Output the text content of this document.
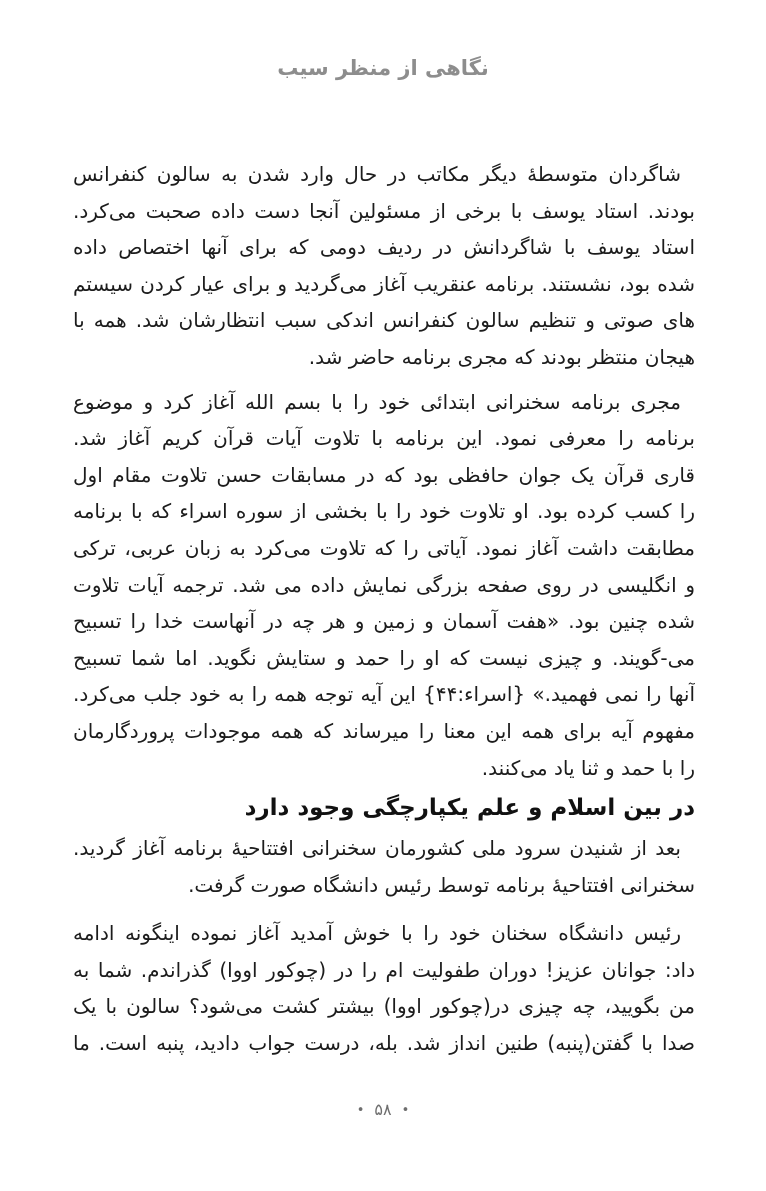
نگاهی از منظر سیب
شاگردان متوسطهٔ دیگر مکاتب در حال وارد شدن به سالون کنفرانس
بودند. استاد یوسف با برخی از مسئولین آنجا دست داده صحبت می‌کرد.
استاد یوسف با شاگردانش در ردیف دومی که برای آنها اختصاص داده
شده بود، نشستند. برنامه عنقریب آغاز می‌گردید و برای عیار کردن سیستم
های صوتی و تنظیم سالون کنفرانس اندکی سبب انتظارشان شد. همه با
هیجان منتظر بودند که مجری برنامه حاضر شد.
مجری برنامه سخنرانی ابتدائی خود را با بسم الله آغاز کرد و موضوع
برنامه را معرفی نمود. این برنامه با تلاوت آیات قرآن کریم آغاز شد.
قاری قرآن یک جوان حافظی بود که در مسابقات حسن تلاوت مقام اول
را کسب کرده بود. او تلاوت خود را با بخشی از سوره اسراء که با برنامه
مطابقت داشت آغاز نمود. آیاتی را که تلاوت می‌کرد به زبان عربی، ترکی
و انگلیسی در روی صفحه بزرگی نمایش داده می شد. ترجمه آیات تلاوت
شده چنین بود. «هفت آسمان و زمین و هر چه در آنهاست خدا را تسبیح
می-گویند. و چیزی نیست که او را حمد و ستایش نگوید. اما شما تسبیح
آنها را نمی فهمید.» {اسراء:۴۴} این آیه توجه همه را به خود جلب می‌کرد.
مفهوم آیه برای همه این معنا را میرساند که همه موجودات پروردگارمان
را با حمد و ثنا یاد می‌کنند.
در بین اسلام و علم یکپارچگی وجود دارد
بعد از شنیدن سرود ملی کشورمان سخنرانی افتتاحیهٔ برنامه آغاز گردید.
سخنرانی افتتاحیهٔ برنامه توسط رئیس دانشگاه صورت گرفت.
رئیس دانشگاه سخنان خود را با خوش آمدید آغاز نموده اینگونه ادامه
داد: جوانان عزیز! دوران طفولیت ام را در (چوکور اووا) گذراندم. شما به
من بگویید، چه چیزی در(چوکور اووا) بیشتر کشت می‌شود؟ سالون با یک
صدا با گفتن(پنبه) طنین انداز شد. بله، درست جواب دادید، پنبه است. ما
•۵۸•
